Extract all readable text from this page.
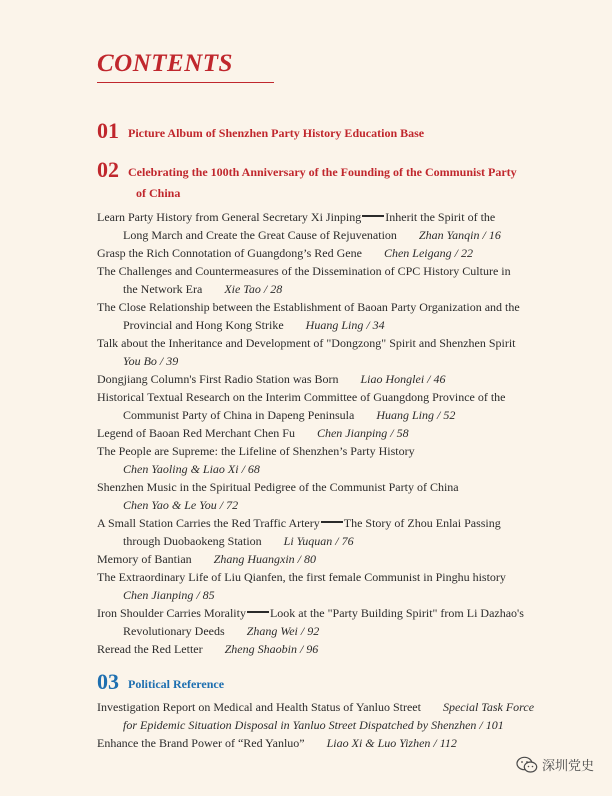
CONTENTS
01 Picture Album of Shenzhen Party History Education Base
02 Celebrating the 100th Anniversary of the Founding of the Communist Party
of China
Learn Party History from General Secretary Xi Jinping Inherit the Spirit of the
Long March and Create the Great Cause of Rejuvenation Zhan Yanqin / 16
Grasp the Rich Connotation of Guangdong’s Red Gene Chen Leigang / 22
The Challenges and Countermeasures of the Dissemination of CPC History Culture in
the Network Era Xie Tao / 28
The Close Relationship between the Establishment of Baoan Party Organization and the
Provincial and Hong Kong Strike Huang Ling / 34
Talk about the Inheritance and Development of "Dongzong" Spirit and Shenzhen Spirit
You Bo / 39
Dongjiang Column's First Radio Station was Born Liao Honglei / 46
Historical Textual Research on the Interim Committee of Guangdong Province of the
Communist Party of China in Dapeng Peninsula Huang Ling / 52
Legend of Baoan Red Merchant Chen Fu Chen Jianping / 58
The People are Supreme: the Lifeline of Shenzhen’s Party History
Chen Yaoling & Liao Xi / 68
Shenzhen Music in the Spiritual Pedigree of the Communist Party of China
Chen Yao & Le You / 72
A Small Station Carries the Red Traffic Artery The Story of Zhou Enlai Passing
through Duobaokeng Station Li Yuquan / 76
Memory of Bantian Zhang Huangxin / 80
The Extraordinary Life of Liu Qianfen, the first female Communist in Pinghu history
Chen Jianping / 85
Iron Shoulder Carries Morality Look at the "Party Building Spirit" from Li Dazhao's
Revolutionary Deeds Zhang Wei / 92
Reread the Red Letter Zheng Shaobin / 96
03 Political Reference
Investigation Report on Medical and Health Status of Yanluo Street Special Task Force
for Epidemic Situation Disposal in Yanluo Street Dispatched by Shenzhen / 101
Enhance the Brand Power of “Red Yanluo” Liao Xi & Luo Yizhen / 112
深圳党史
